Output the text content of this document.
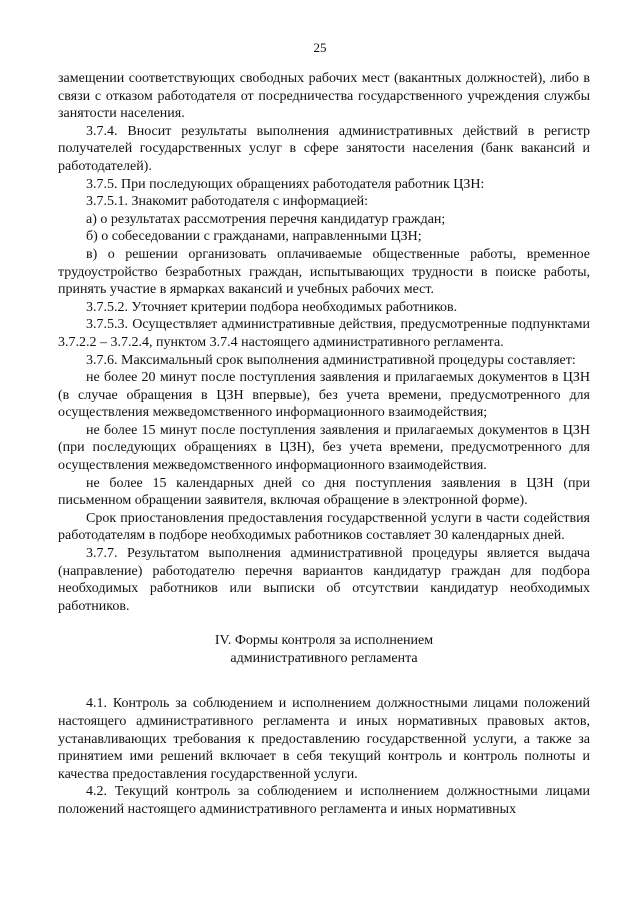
25

замещении соответствующих свободных рабочих мест (вакантных должностей), либо в связи с отказом работодателя от посредничества государственного учреждения службы занятости населения.

3.7.4. Вносит результаты выполнения административных действий в регистр получателей государственных услуг в сфере занятости населения (банк вакансий и работодателей).

3.7.5. При последующих обращениях работодателя работник ЦЗН:

3.7.5.1. Знакомит работодателя с информацией:

а) о результатах рассмотрения перечня кандидатур граждан;

б) о собеседовании с гражданами, направленными ЦЗН;

в) о решении организовать оплачиваемые общественные работы, временное трудоустройство безработных граждан, испытывающих трудности в поиске работы, принять участие в ярмарках вакансий и учебных рабочих мест.

3.7.5.2. Уточняет критерии подбора необходимых работников.

3.7.5.3. Осуществляет административные действия, предусмотренные подпунктами 3.7.2.2 – 3.7.2.4, пунктом 3.7.4 настоящего административного регламента.

3.7.6. Максимальный срок выполнения административной процедуры составляет:

не более 20 минут после поступления заявления и прилагаемых документов в ЦЗН (в случае обращения в ЦЗН впервые), без учета времени, предусмотренного для осуществления межведомственного информационного взаимодействия;

не более 15 минут после поступления заявления и прилагаемых документов в ЦЗН (при последующих обращениях в ЦЗН), без учета времени, предусмотренного для осуществления межведомственного информационного взаимодействия.

не более 15 календарных дней со дня поступления заявления в ЦЗН (при письменном обращении заявителя, включая обращение в электронной форме).

Срок приостановления предоставления государственной услуги в части содействия работодателям в подборе необходимых работников составляет 30 календарных дней.

3.7.7. Результатом выполнения административной процедуры является выдача (направление) работодателю перечня вариантов кандидатур граждан для подбора необходимых работников или выписки об отсутствии кандидатур необходимых работников.

IV. Формы контроля за исполнением
административного регламента

4.1. Контроль за соблюдением и исполнением должностными лицами положений настоящего административного регламента и иных нормативных правовых актов, устанавливающих требования к предоставлению государственной услуги, а также за принятием ими решений включает в себя текущий контроль и контроль полноты и качества предоставления государственной услуги.

4.2. Текущий контроль за соблюдением и исполнением должностными лицами положений настоящего административного регламента и иных нормативных
